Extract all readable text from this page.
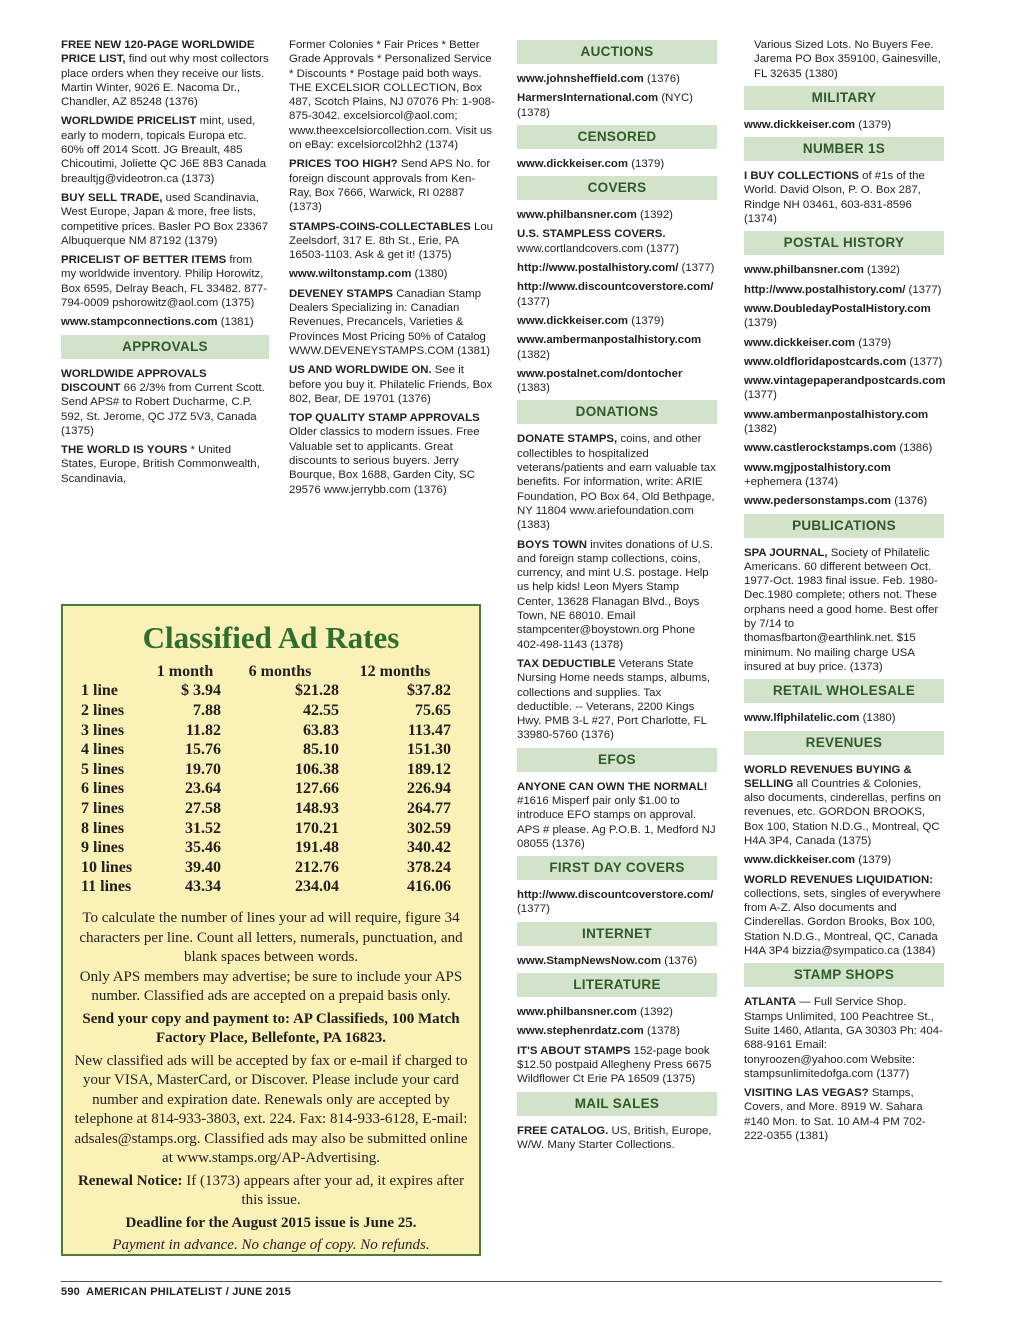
FREE NEW 120-PAGE WORLDWIDE PRICE LIST, find out why most collectors place orders when they receive our lists. Martin Winter, 9026 E. Nacoma Dr., Chandler, AZ 85248 (1376)
WORLDWIDE PRICELIST mint, used, early to modern, topicals Europa etc. 60% off 2014 Scott. JG Breault, 485 Chicoutimi, Joliette QC J6E 8B3 Canada breaultjg@videotron.ca (1373)
BUY SELL TRADE, used Scandinavia, West Europe, Japan & more, free lists, competitive prices. Basler PO Box 23367 Albuquerque NM 87192 (1379)
PRICELIST OF BETTER ITEMS from my worldwide inventory. Philip Horowitz, Box 6595, Delray Beach, FL 33482. 877-794-0009 pshorowitz@aol.com (1375)
www.stampconnections.com (1381)
APPROVALS
WORLDWIDE APPROVALS DISCOUNT 66 2/3% from Current Scott. Send APS# to Robert Ducharme, C.P. 592, St. Jerome, QC J7Z 5V3, Canada (1375)
THE WORLD IS YOURS * United States, Europe, British Commonwealth, Scandinavia,
Former Colonies * Fair Prices * Better Grade Approvals * Personalized Service * Discounts * Postage paid both ways. THE EXCELSIOR COLLECTION, Box 487, Scotch Plains, NJ 07076 Ph: 1-908-875-3042. excelsiorcol@aol.com; www.theexcelsiorcollection.com. Visit us on eBay: excelsiorcol2hh2 (1374)
PRICES TOO HIGH? Send APS No. for foreign discount approvals from Ken-Ray, Box 7666, Warwick, RI 02887 (1373)
STAMPS-COINS-COLLECTABLES Lou Zeelsdorf, 317 E. 8th St., Erie, PA 16503-1103. Ask & get it! (1375)
www.wiltonstamp.com (1380)
DEVENEY STAMPS Canadian Stamp Dealers Specializing in: Canadian Revenues, Precancels, Varieties & Provinces Most Pricing 50% of Catalog WWW.DEVENEYSTAMPS.COM (1381)
US AND WORLDWIDE ON. See it before you buy it. Philatelic Friends, Box 802, Bear, DE 19701 (1376)
TOP QUALITY STAMP APPROVALS Older classics to modern issues. Free Valuable set to applicants. Great discounts to serious buyers. Jerry Bourque, Box 1688, Garden City, SC 29576 www.jerrybb.com (1376)
AUCTIONS
www.johnsheffield.com (1376)
HarmersInternational.com (NYC) (1378)
CENSORED
www.dickkeiser.com (1379)
COVERS
www.philbansner.com (1392)
U.S. STAMPLESS COVERS. www.cortlandcovers.com (1377)
http://www.postalhistory.com/ (1377)
http://www.discountcoverstore.com/ (1377)
www.dickkeiser.com (1379)
www.ambermanpostalhistory.com (1382)
www.postalnet.com/dontocher (1383)
DONATIONS
DONATE STAMPS, coins, and other collectibles to hospitalized veterans/patients and earn valuable tax benefits. For information, write: ARIE Foundation, PO Box 64, Old Bethpage, NY 11804 www.ariefoundation.com (1383)
BOYS TOWN invites donations of U.S. and foreign stamp collections, coins, currency, and mint U.S. postage. Help us help kids! Leon Myers Stamp Center, 13628 Flanagan Blvd., Boys Town, NE 68010. Email stampcenter@boystown.org Phone 402-498-1143 (1378)
TAX DEDUCTIBLE Veterans State Nursing Home needs stamps, albums, collections and supplies. Tax deductible. -- Veterans, 2200 Kings Hwy. PMB 3-L #27, Port Charlotte, FL 33980-5760 (1376)
EFOS
ANYONE CAN OWN THE NORMAL! #1616 Misperf pair only $1.00 to introduce EFO stamps on approval. APS # please. Ag P.O.B. 1, Medford NJ 08055 (1376)
FIRST DAY COVERS
http://www.discountcoverstore.com/ (1377)
INTERNET
www.StampNewsNow.com (1376)
LITERATURE
www.philbansner.com (1392)
www.stephenrdatz.com (1378)
IT'S ABOUT STAMPS 152-page book $12.50 postpaid Allegheny Press 6675 Wildflower Ct Erie PA 16509 (1375)
MAIL SALES
FREE CATALOG. US, British, Europe, W/W. Many Starter Collections.
Various Sized Lots. No Buyers Fee. Jarema PO Box 359100, Gainesville, FL 32635 (1380)
MILITARY
www.dickkeiser.com (1379)
NUMBER 1S
I BUY COLLECTIONS of #1s of the World. David Olson, P. O. Box 287, Rindge NH 03461, 603-831-8596 (1374)
POSTAL HISTORY
www.philbansner.com (1392)
http://www.postalhistory.com/ (1377)
www.DoubledayPostalHistory.com (1379)
www.dickkeiser.com (1379)
www.oldfloridapostcards.com (1377)
www.vintagepaperandpostcards.com (1377)
www.ambermanpostalhistory.com (1382)
www.castlerockstamps.com (1386)
www.mgjpostalhistory.com +ephemera (1374)
www.pedersonstamps.com (1376)
PUBLICATIONS
SPA JOURNAL, Society of Philatelic Americans. 60 different between Oct. 1977-Oct. 1983 final issue. Feb. 1980-Dec.1980 complete; others not. These orphans need a good home. Best offer by 7/14 to thomasfbarton@earthlink.net. $15 minimum. No mailing charge USA insured at buy price. (1373)
RETAIL WHOLESALE
www.lflphilatelic.com (1380)
REVENUES
WORLD REVENUES BUYING & SELLING all Countries & Colonies, also documents, cinderellas, perfins on revenues, etc. GORDON BROOKS, Box 100, Station N.D.G., Montreal, QC H4A 3P4, Canada (1375)
www.dickkeiser.com (1379)
WORLD REVENUES LIQUIDATION: collections, sets, singles of everywhere from A-Z. Also documents and Cinderellas. Gordon Brooks, Box 100, Station N.D.G., Montreal, QC, Canada H4A 3P4 bizzia@sympatico.ca (1384)
STAMP SHOPS
ATLANTA — Full Service Shop. Stamps Unlimited, 100 Peachtree St., Suite 1460, Atlanta, GA 30303 Ph: 404-688-9161 Email: tonyroozen@yahoo.com Website: stampsunlimitedofga.com (1377)
VISITING LAS VEGAS? Stamps, Covers, and More. 8919 W. Sahara #140 Mon. to Sat. 10 AM-4 PM 702-222-0355 (1381)
Classified Ad Rates
	1 month	6 months	12 months
1 line	$ 3.94	$21.28	$37.82
2 lines	7.88	42.55	75.65
3 lines	11.82	63.83	113.47
4 lines	15.76	85.10	151.30
5 lines	19.70	106.38	189.12
6 lines	23.64	127.66	226.94
7 lines	27.58	148.93	264.77
8 lines	31.52	170.21	302.59
9 lines	35.46	191.48	340.42
10 lines	39.40	212.76	378.24
11 lines	43.34	234.04	416.06
To calculate the number of lines your ad will require, figure 34 characters per line. Count all letters, numerals, punctuation, and blank spaces between words.
Only APS members may advertise; be sure to include your APS number. Classified ads are accepted on a prepaid basis only.
Send your copy and payment to: AP Classifieds, 100 Match Factory Place, Bellefonte, PA 16823.
New classified ads will be accepted by fax or e-mail if charged to your VISA, MasterCard, or Discover. Please include your card number and expiration date. Renewals only are accepted by telephone at 814-933-3803, ext. 224. Fax: 814-933-6128, E-mail: adsales@stamps.org. Classified ads may also be submitted online at www.stamps.org/AP-Advertising.
Renewal Notice: If (1373) appears after your ad, it expires after this issue.
Deadline for the August 2015 issue is June 25.
Payment in advance. No change of copy. No refunds.
590 AMERICAN PHILATELIST / JUNE 2015
